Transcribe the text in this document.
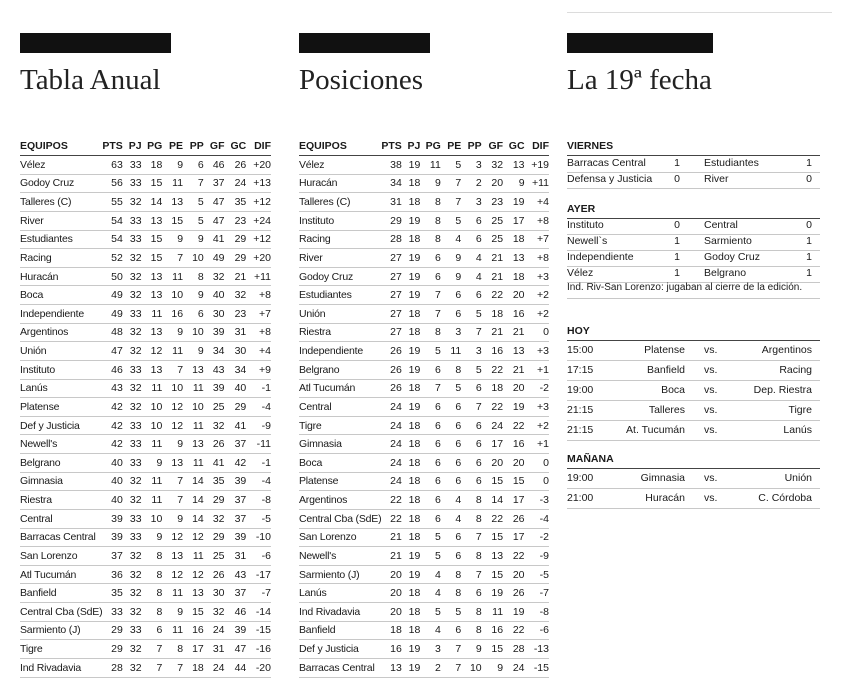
Tabla Anual	Posiciones	La 19ª fecha
EQUIPOS	PTS	PJ	PG	PE	PP	GF	GC	DIF
Vélez	63	33	18	9	6	46	26	+20
Godoy Cruz	56	33	15	11	7	37	24	+13
Talleres (C)	55	32	14	13	5	47	35	+12
River	54	33	13	15	5	47	23	+24
Estudiantes	54	33	15	9	9	41	29	+12
Racing	52	32	15	7	10	49	29	+20
Huracán	50	32	13	11	8	32	21	+11
Boca	49	32	13	10	9	40	32	+8
Independiente	49	33	11	16	6	30	23	+7
Argentinos	48	32	13	9	10	39	31	+8
Unión	47	32	12	11	9	34	30	+4
Instituto	46	33	13	7	13	43	34	+9
Lanús	43	32	11	10	11	39	40	-1
Platense	42	32	10	12	10	25	29	-4
Def y Justicia	42	33	10	12	11	32	41	-9
Newell's	42	33	11	9	13	26	37	-11
Belgrano	40	33	9	13	11	41	42	-1
Gimnasia	40	32	11	7	14	35	39	-4
Riestra	40	32	11	7	14	29	37	-8
Central	39	33	10	9	14	32	37	-5
Barracas Central	39	33	9	12	12	29	39	-10
San Lorenzo	37	32	8	13	11	25	31	-6
Atl Tucumán	36	32	8	12	12	26	43	-17
Banfield	35	32	8	11	13	30	37	-7
Central Cba (SdE)	33	32	8	9	15	32	46	-14
Sarmiento (J)	29	33	6	11	16	24	39	-15
Tigre	29	32	7	8	17	31	47	-16
Ind Rivadavia	28	32	7	7	18	24	44	-20
EQUIPOS	PTS	PJ	PG	PE	PP	GF	GC	DIF
Vélez	38	19	11	5	3	32	13	+19
Huracán	34	18	9	7	2	20	9	+11
Talleres (C)	31	18	8	7	3	23	19	+4
Instituto	29	19	8	5	6	25	17	+8
Racing	28	18	8	4	6	25	18	+7
River	27	19	6	9	4	21	13	+8
Godoy Cruz	27	19	6	9	4	21	18	+3
Estudiantes	27	19	7	6	6	22	20	+2
Unión	27	18	7	6	5	18	16	+2
Riestra	27	18	8	3	7	21	21	0
Independiente	26	19	5	11	3	16	13	+3
Belgrano	26	19	6	8	5	22	21	+1
Atl Tucumán	26	18	7	5	6	18	20	-2
Central	24	19	6	6	7	22	19	+3
Tigre	24	18	6	6	6	24	22	+2
Gimnasia	24	18	6	6	6	17	16	+1
Boca	24	18	6	6	6	20	20	0
Platense	24	18	6	6	6	15	15	0
Argentinos	22	18	6	4	8	14	17	-3
Central Cba (SdE)	22	18	6	4	8	22	26	-4
San Lorenzo	21	18	5	6	7	15	17	-2
Newell's	21	19	5	6	8	13	22	-9
Sarmiento (J)	20	19	4	8	7	15	20	-5
Lanús	20	18	4	8	6	19	26	-7
Ind Rivadavia	20	18	5	5	8	11	19	-8
Banfield	18	18	4	6	8	16	22	-6
Def y Justicia	16	19	3	7	9	15	28	-13
Barracas Central	13	19	2	7	10	9	24	-15
VIERNES
Barracas Central	1 Estudiantes	1
Defensa y Justicia 0 River	0
AYER
Instituto	0 Central	0
Newell`s	1 Sarmiento	1
Independiente	1 Godoy Cruz	1
Vélez	1 Belgrano	1
Ind. Riv-San Lorenzo: jugaban al cierre de la edición.
HOY
15:00	Platense vs.	Argentinos
17:15	Banfield vs.	Racing
19:00	Boca vs.	Dep. Riestra
21:15	Talleres vs.	Tigre
21:15	At. Tucumán vs.	Lanús
MAÑANA
19:00	Gimnasia vs.	Unión
21:00	Huracán vs.	C. Córdoba
